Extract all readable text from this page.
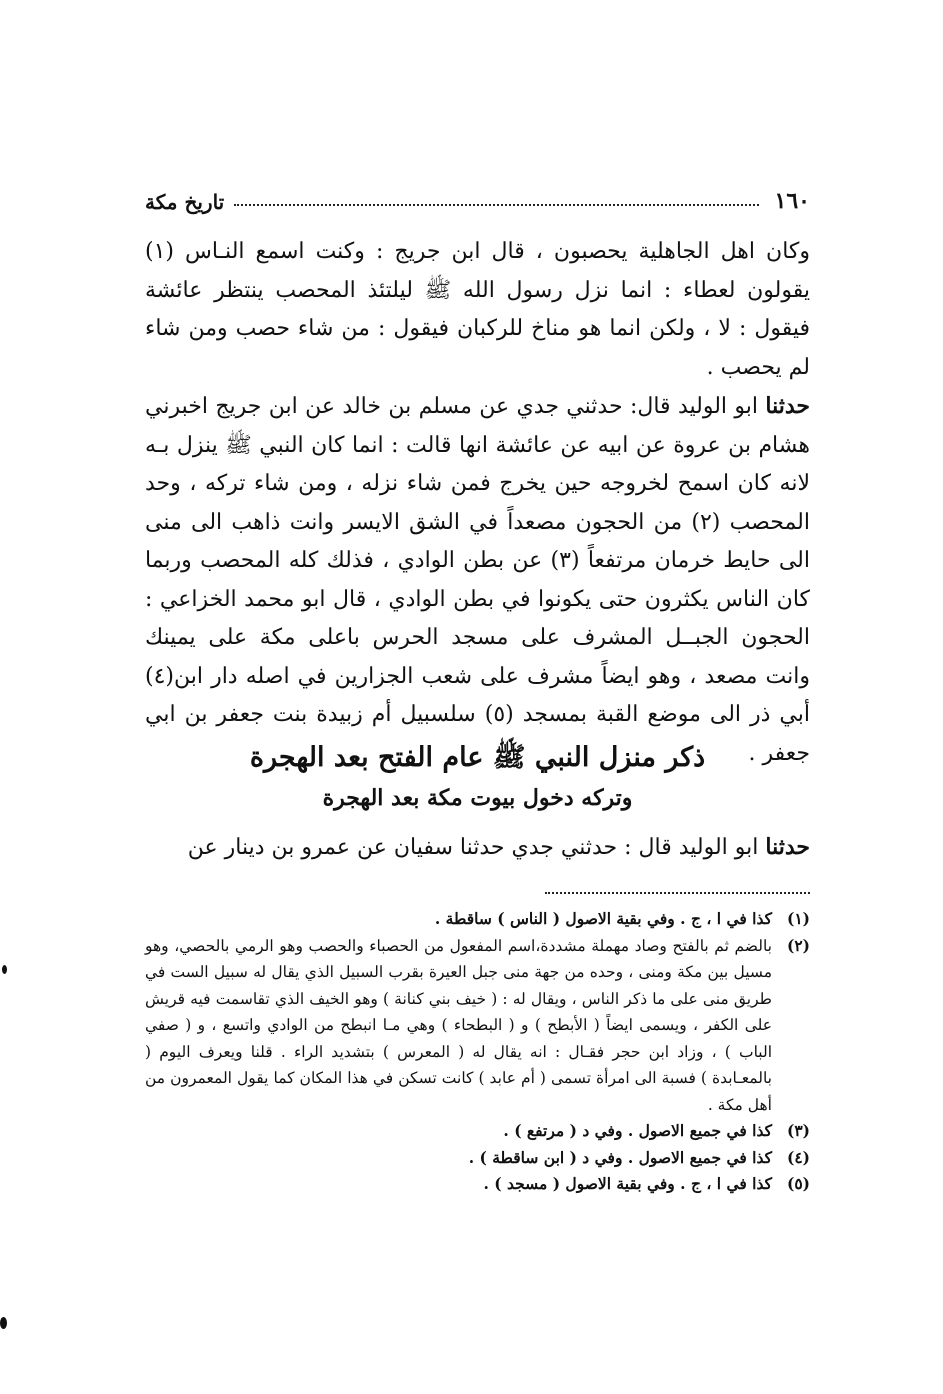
١٦٠
تاريخ مكة

وكان اهل الجاهلية يحصبون ، قال ابن جريج : وكنت اسمع النـاس (١) يقولون لعطاء : انما نزل رسول الله ﷺ ليلتئذ المحصب ينتظر عائشة فيقول : لا ، ولكن انما هو مناخ للركبان فيقول : من شاء حصب ومن شاء لم يحصب .

حدثنا ابو الوليد قال: حدثني جدي عن مسلم بن خالد عن ابن جريج اخبرني هشام بن عروة عن ابيه عن عائشة انها قالت : انما كان النبي ﷺ ينزل بـه لانه كان اسمح لخروجه حين يخرج فمن شاء نزله ، ومن شاء تركه ، وحد المحصب (٢) من الحجون مصعداً في الشق الايسر وانت ذاهب الى منى الى حايط خرمان مرتفعاً (٣) عن بطن الوادي ، فذلك كله المحصب وربما كان الناس يكثرون حتى يكونوا في بطن الوادي ، قال ابو محمد الخزاعي : الحجون الجبــل المشرف على مسجد الحرس باعلى مكة على يمينك وانت مصعد ، وهو ايضاً مشرف على شعب الجزارين في اصله دار ابن(٤) أبي ذر الى موضع القبة بمسجد (٥) سلسبيل أم زبيدة بنت جعفر بن ابي جعفر .

ذكر منزل النبي ﷺ عام الفتح بعد الهجرة
وتركه دخول بيوت مكة بعد الهجرة
حدثنا ابو الوليد قال : حدثني جدي حدثنا سفيان عن عمرو بن دينار عن
(١)
كذا في ا ، ج . وفي بقية الاصول ( الناس ) ساقطة .
(٢)
بالضم ثم بالفتح وصاد مهملة مشددة،اسم المفعول من الحصباء والحصب وهو الرمي بالحصي، وهو مسيل بين مكة ومنى ، وحده من جهة منى جبل العيرة بقرب السبيل الذي يقال له سبيل الست في طريق منى على ما ذكر الناس ، ويقال له : ( خيف بني كنانة ) وهو الخيف الذي تقاسمت فيه قريش على الكفر ، ويسمى ايضاً ( الأبطح ) و ( البطحاء ) وهي مـا انبطح من الوادي واتسع ، و ( صفي الباب ) ، وزاد ابن حجر فقـال : انه يقال له ( المعرس ) بتشديد الراء . قلنا ويعرف اليوم ( بالمعـابدة ) فسبة الى امرأة تسمى ( أم عابد ) كانت تسكن في هذا المكان كما يقول المعمرون من أهل مكة .
(٣)
كذا في جميع الاصول . وفي د ( مرتفع ) .
(٤)
كذا في جميع الاصول . وفي د ( ابن ساقطة ) .
(٥)
كذا في ا ، ج . وفي بقية الاصول ( مسجد ) .
